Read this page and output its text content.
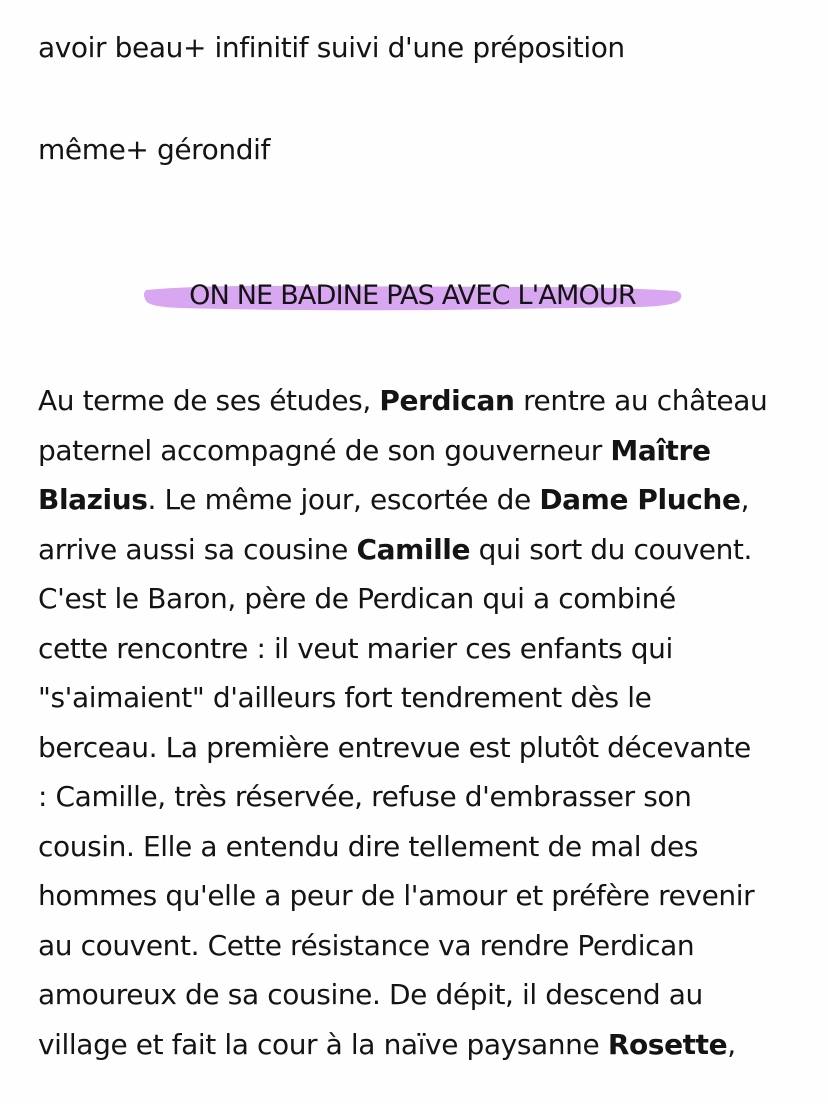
avoir beau+ infinitif suivi d'une préposition
même+ gérondif
ON NE BADINE PAS AVEC L'AMOUR
Au terme de ses études, Perdican rentre au château
paternel accompagné de son gouverneur Maître
Blazius. Le même jour, escortée de Dame Pluche,
arrive aussi sa cousine Camille qui sort du couvent.
C'est le Baron, père de Perdican qui a combiné
cette rencontre : il veut marier ces enfants qui
"s'aimaient" d'ailleurs fort tendrement dès le
berceau. La première entrevue est plutôt décevante
: Camille, très réservée, refuse d'embrasser son
cousin. Elle a entendu dire tellement de mal des
hommes qu'elle a peur de l'amour et préfère revenir
au couvent. Cette résistance va rendre Perdican
amoureux de sa cousine. De dépit, il descend au
village et fait la cour à la naïve paysanne Rosette,
